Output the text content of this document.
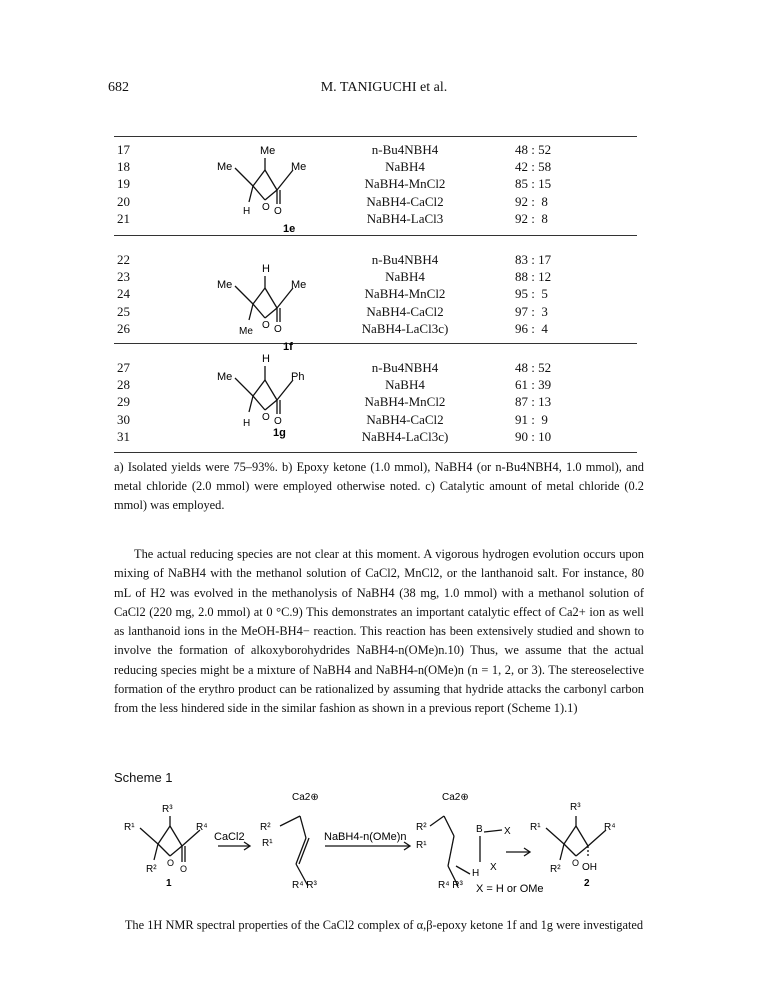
682	M. TANIGUCHI et al.
17	n-Bu4NBH4	48 : 52
18	NaBH4	42 : 58
19	NaBH4-MnCl2	85 : 15
20	NaBH4-CaCl2	92 :  8
21	NaBH4-LaCl3	92 :  8
22	n-Bu4NBH4	83 : 17
23	NaBH4	88 : 12
24	NaBH4-MnCl2	95 :  5
25	NaBH4-CaCl2	97 :  3
26	NaBH4-LaCl3c)	96 :  4
27	n-Bu4NBH4	48 : 52
28	NaBH4	61 : 39
29	NaBH4-MnCl2	87 : 13
30	NaBH4-CaCl2	91 :  9
31	NaBH4-LaCl3c)	90 : 10
Me
Me	Me
O
H O
1e
H
Me	Me
O
Me O
1f
H
Me	Ph
O
H O
1g
a) Isolated yields were 75–93%. b) Epoxy ketone (1.0 mmol), NaBH4 (or n-Bu4NBH4, 1.0 mmol), and metal chloride (2.0 mmol) were employed otherwise noted. c) Catalytic amount of metal chloride (0.2 mmol) was employed.
The actual reducing species are not clear at this moment. A vigorous hydrogen evolution occurs upon mixing of NaBH4 with the methanol solution of CaCl2, MnCl2, or the lanthanoid salt. For instance, 80 mL of H2 was evolved in the methanolysis of NaBH4 (38 mg, 1.0 mmol) with a methanol solution of CaCl2 (220 mg, 2.0 mmol) at 0 °C.9) This demonstrates an important catalytic effect of Ca2+ ion as well as lanthanoid ions in the MeOH-BH4− reaction. This reaction has been extensively studied and shown to involve the formation of alkoxyborohydrides NaBH4-n(OMe)n.10) Thus, we assume that the actual reducing species might be a mixture of NaBH4 and NaBH4-n(OMe)n (n = 1, 2, or 3). The stereoselective formation of the erythro product can be rationalized by assuming that hydride attacks the carbonyl carbon from the less hindered side in the similar fashion as shown in a previous report (Scheme 1).1)
Scheme 1
R³
R¹	R⁴
O
R²	O
1
CaCl2
Ca2⊕
R²
R¹
R⁴ R³
NaBH4-n(OMe)n
Ca2⊕
R²
R¹
B X
H
X
R⁴ R³ X = H or OMe
R³
R¹	R⁴
O
R² OH
2
The 1H NMR spectral properties of the CaCl2 complex of α,β-epoxy ketone 1f and 1g were investigated
